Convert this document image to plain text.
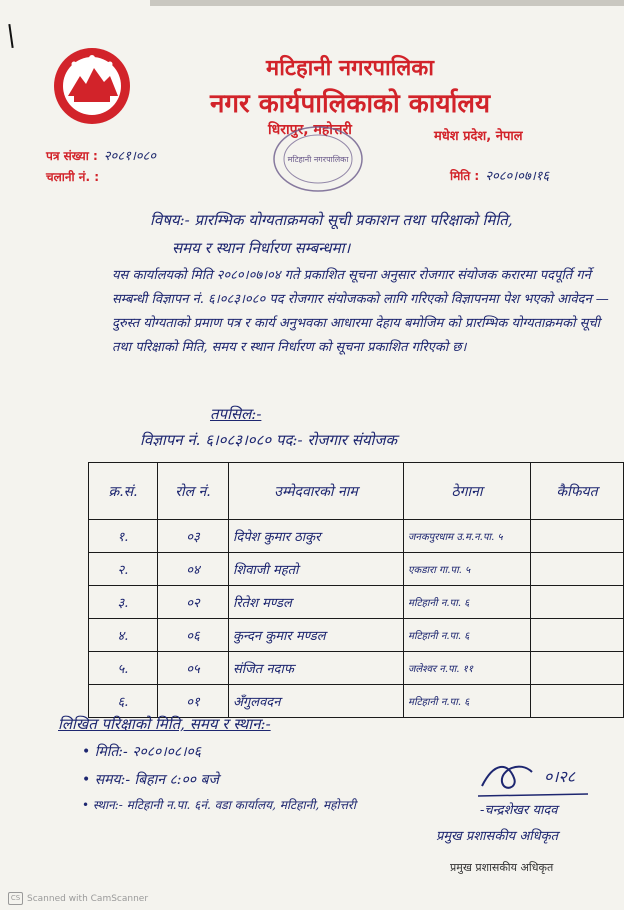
मटिहानी नगरपालिका
नगर कार्यपालिकाको कार्यालय
धिरापुर, महोत्तरी	मधेश प्रदेश, नेपाल
पत्र संख्या : २०८१।०८०
चलानी नं. :	मिति : २०८०।०७।१६
मटिहानी नगरपालिका
विषय:- प्रारम्भिक योग्यताक्रमको सूची प्रकाशन तथा परिक्षाको मिति,
समय र स्थान निर्धारण सम्बन्धमा।
यस कार्यालयको मिति २०८०।०७।०४ गते प्रकाशित सूचना अनुसार रोजगार संयोजक करारमा पदपूर्ति गर्ने सम्बन्धी विज्ञापन नं. ६।०८३।०८० पद रोजगार संयोजकको लागि गरिएको विज्ञापनमा पेश भएको आवेदन — दुरुस्त योग्यताको प्रमाण पत्र र कार्य अनुभवका आधारमा देहाय बमोजिम को प्रारम्भिक योग्यताक्रमको सूची तथा परिक्षाको मिति, समय र स्थान निर्धारण को सूचना प्रकाशित गरिएको छ।
तपसिल:-
विज्ञापन नं. ६।०८३।०८० पद:- रोजगार संयोजक
क्र.सं.	रोल नं.	उम्मेदवारको नाम	ठेगाना	कैफियत
१.	०३	दिपेश कुमार ठाकुर	जनकपुरधाम उ.म.न.पा. ५	
२.	०४	शिवाजी महतो	एकडारा गा.पा. ५	
३.	०२	रितेश मण्डल	मटिहानी न.पा. ६	
४.	०६	कुन्दन कुमार मण्डल	मटिहानी न.पा. ६	
५.	०५	संजित नदाफ	जलेश्वर न.पा. ११	
६.	०१	अँगुलवदन	मटिहानी न.पा. ६	
लिखित परिक्षाको मिति, समय र स्थान:-
• मिति:- २०८०।०८।०६
• समय:- बिहान ८:०० बजे
• स्थान:- मटिहानी न.पा. ६नं. वडा कार्यालय, मटिहानी, महोत्तरी
०।२८
-चन्द्रशेखर यादव
प्रमुख प्रशासकीय अधिकृत
प्रमुख प्रशासकीय अधिकृत
CS Scanned with CamScanner
